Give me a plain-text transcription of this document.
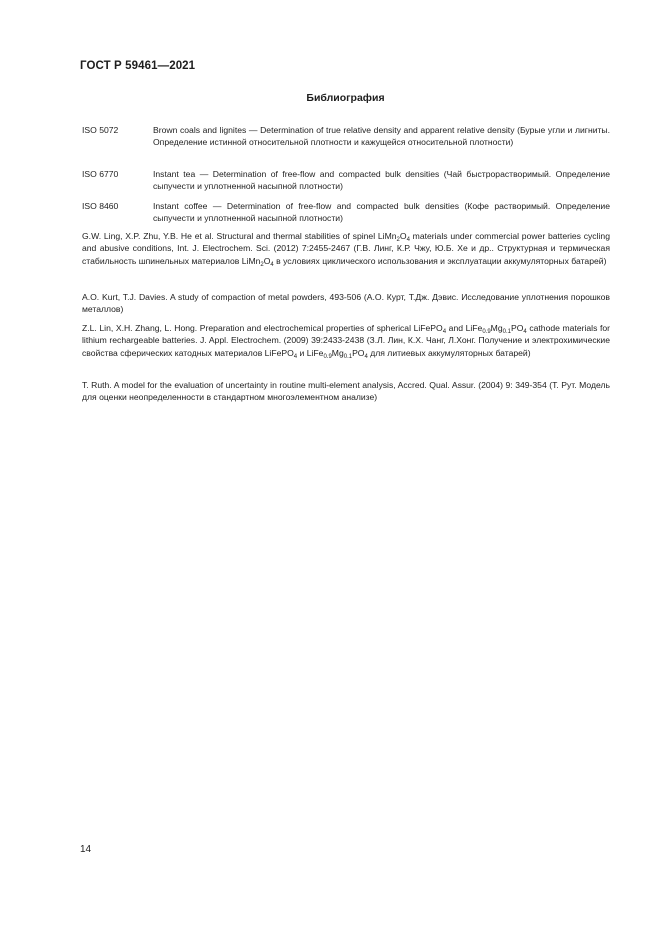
ГОСТ Р 59461—2021
Библиография
ISO 5072	Brown coals and lignites — Determination of true relative density and apparent relative density (Бурые угли и лигниты. Определение истинной относительной плотности и кажущейся относительной плотности)
ISO 6770	Instant tea — Determination of free-flow and compacted bulk densities (Чай быстрорастворимый. Определение сыпучести и уплотненной насыпной плотности)
ISO 8460	Instant coffee — Determination of free-flow and compacted bulk densities (Кофе растворимый. Определение сыпучести и уплотненной насыпной плотности)
G.W. Ling, X.P. Zhu, Y.B. He et al. Structural and thermal stabilities of spinel $LiMn_2O_4$ materials under commercial power batteries cycling and abusive conditions, Int. J. Electrochem. Sci. (2012) 7:2455-2467 (Г.В. Линг, К.Р. Чжу, Ю.Б. Хе и др.. Структурная и термическая стабильность шпинельных материалов $LiMn_2O_4$ в условиях циклического использования и эксплуатации аккумуляторных батарей)
A.O. Kurt, T.J. Davies. A study of compaction of metal powders, 493-506 (А.О. Курт, Т.Дж. Дэвис. Исследование уплотнения порошков металлов)
Z.L. Lin, X.H. Zhang, L. Hong. Preparation and electrochemical properties of spherical LiFePO$_4$ and $LiFe_{0.9}Mg_{0.1}PO_4$ cathode materials for lithium rechargeable batteries. J. Appl. Electrochem. (2009) 39:2433-2438 (З.Л. Лин, К.Х. Чанг, Л.Хонг. Получение и электрохимические свойства сферических катодных материалов LiFePO$_4$ и $LiFe_{0.9}Mg_{0.1}PO_4$ для литиевых аккумуляторных батарей)
T. Ruth. A model for the evaluation of uncertainty in routine multi-element analysis, Accred. Qual. Assur. (2004) 9: 349-354 (Т. Рут. Модель для оценки неопределенности в стандартном многоэлементном анализе)
14
